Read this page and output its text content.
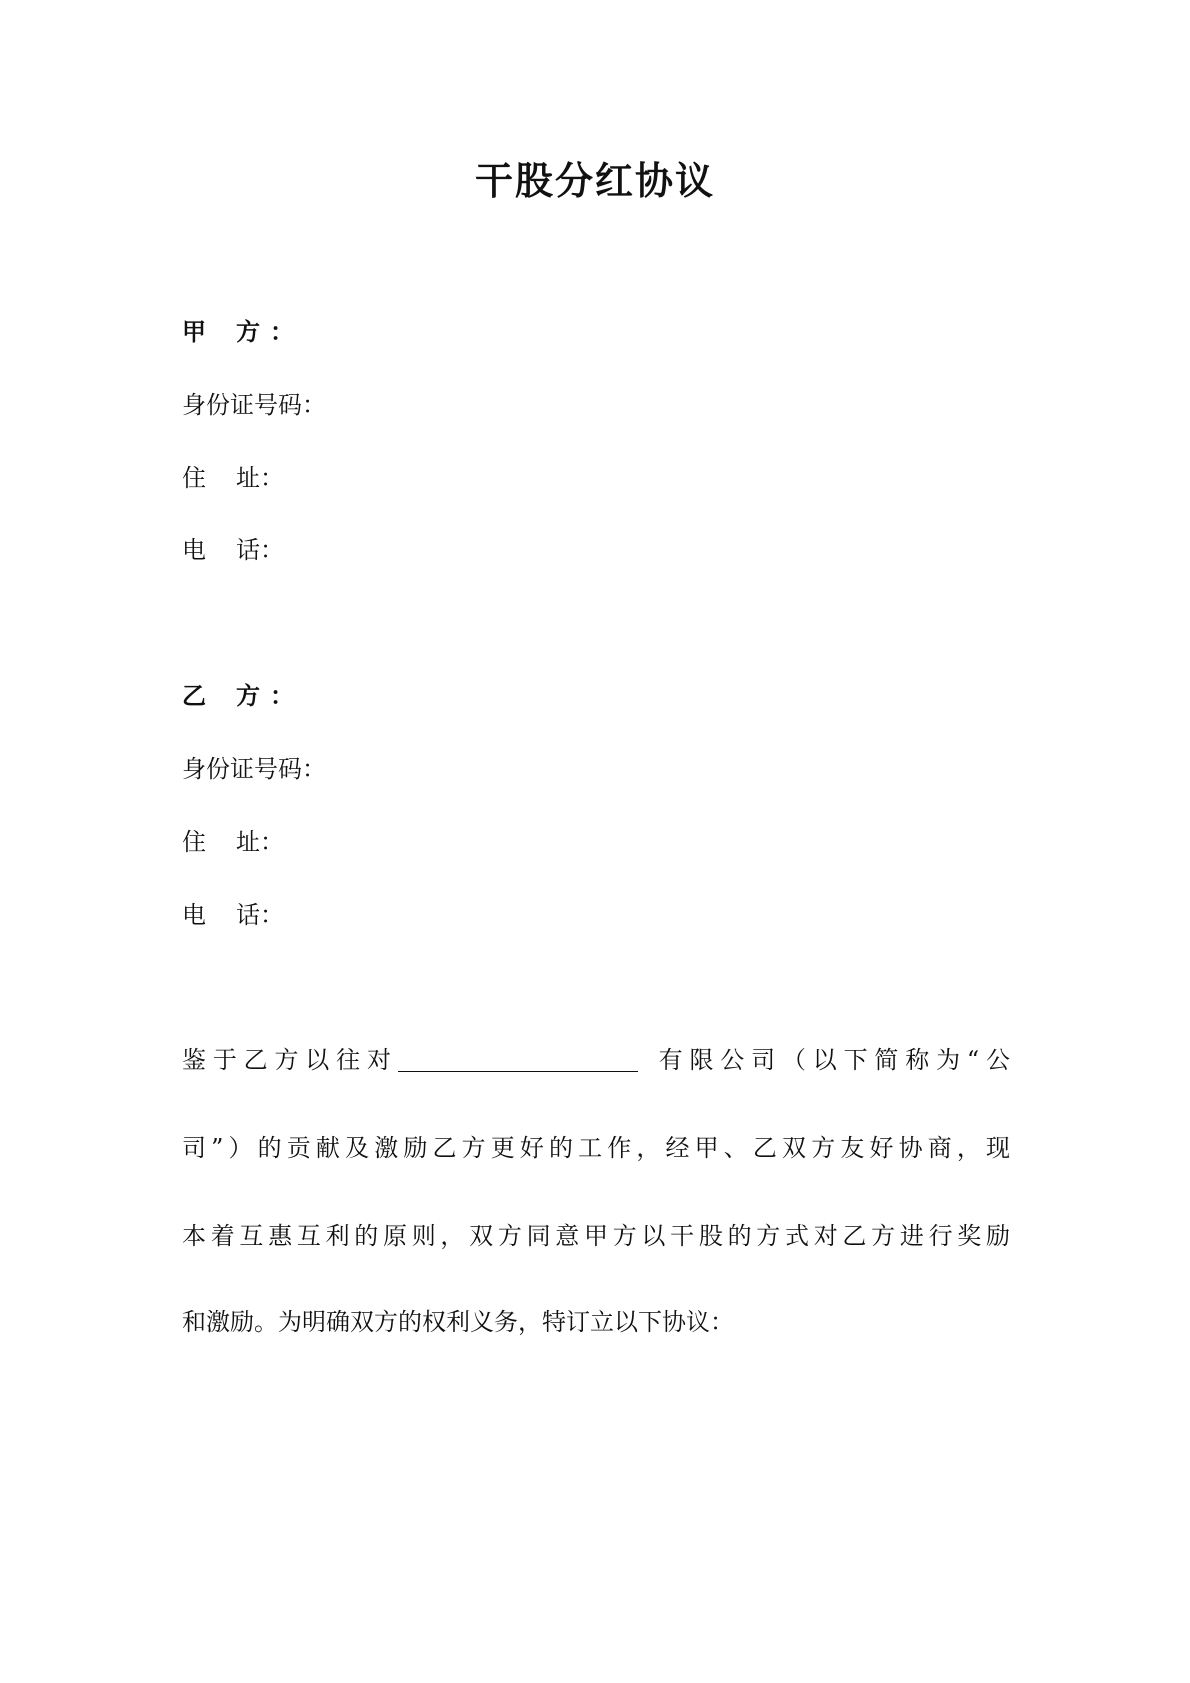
干股分红协议
甲 方 ：
身份证号码：
住 址：
电 话：
乙 方 ：
身份证号码：
住 址：
电 话：
鉴于乙方以往对	有限公司（以下简称为“公
司”）的贡献及激励乙方更好的工作，经甲、乙双方友好协商，现
本着互惠互利的原则，双方同意甲方以干股的方式对乙方进行奖励
和激励。为明确双方的权利义务，特订立以下协议：
